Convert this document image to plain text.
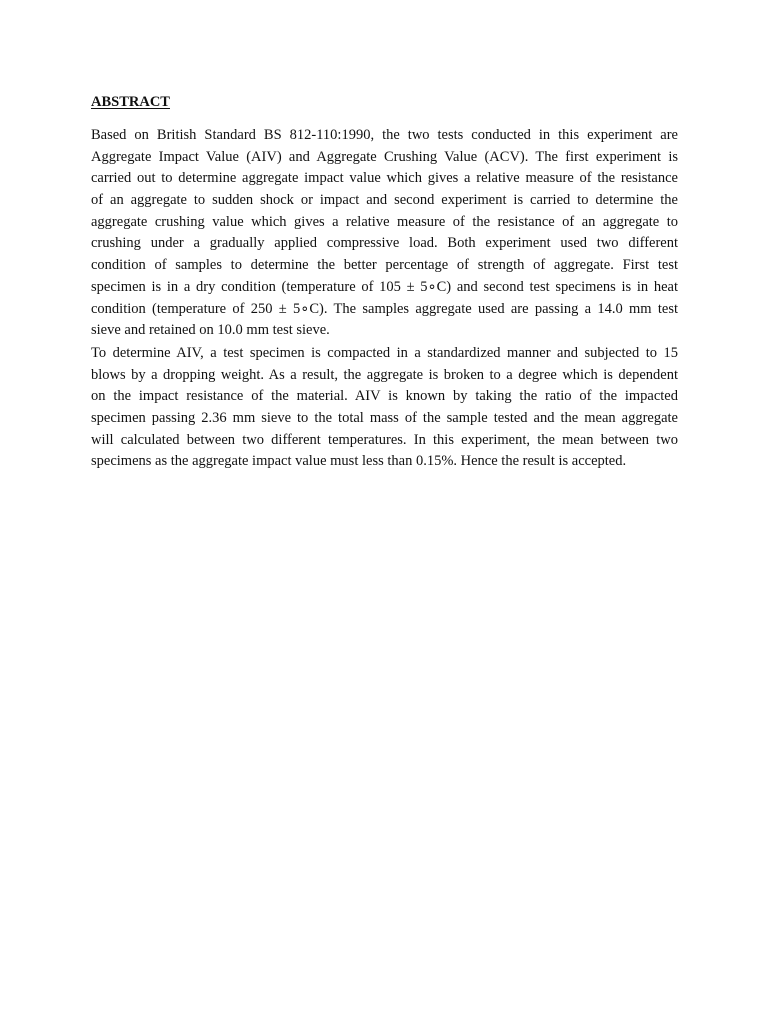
ABSTRACT
Based on British Standard BS 812-110:1990, the two tests conducted in this experiment are
Aggregate Impact Value (AIV) and Aggregate Crushing Value (ACV). The first experiment is
carried out to determine aggregate impact value which gives a relative measure of the resistance
of an aggregate to sudden shock or impact and second experiment is carried to determine the
aggregate crushing value which gives a relative measure of the resistance of an aggregate to
crushing under a gradually applied compressive load. Both experiment used two different
condition of samples to determine the better percentage of strength of aggregate. First test
specimen is in a dry condition (temperature of 105 ± 5∘C) and second test specimens is in heat
condition (temperature of 250 ± 5∘C). The samples aggregate used are passing a 14.0 mm test
sieve and retained on 10.0 mm test sieve.
To determine AIV, a test specimen is compacted in a standardized manner and subjected to 15
blows by a dropping weight. As a result, the aggregate is broken to a degree which is dependent
on the impact resistance of the material. AIV is known by taking the ratio of the impacted
specimen passing 2.36 mm sieve to the total mass of the sample tested and the mean aggregate
will calculated between two different temperatures. In this experiment, the mean between two
specimens as the aggregate impact value must less than 0.15%. Hence the result is accepted.
